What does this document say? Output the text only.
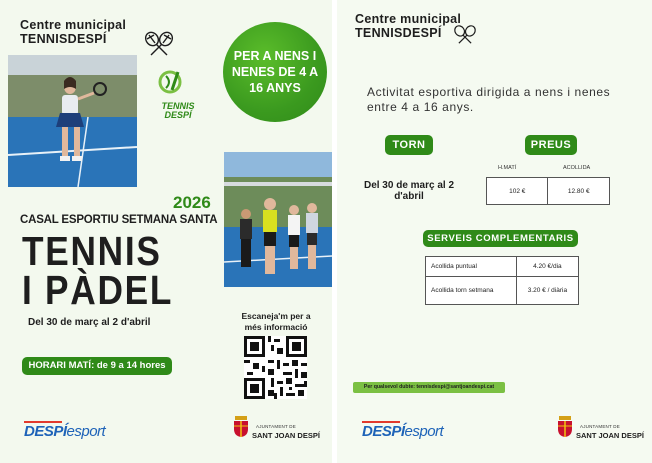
Centre municipal
TENNISDESPÍ
PER A NENS I NENES DE 4 A 16 ANYS
TENNIS DESPÍ
2026
CASAL ESPORTIU SETMANA SANTA
TENNIS
I PÀDEL
Del 30 de març al 2 d'abril
HORARI MATÍ: de 9 a 14 hores
Escaneja'm per a més informació
DESPÍesport	AJUNTAMENT DE
SANT JOAN DESPÍ
Centre municipal
TENNISDESPÍ
Activitat esportiva dirigida a nens i nenes entre 4 a 16 anys.
TORN	PREUS
Del 30 de març al 2 d'abril
H.MATÍ	ACOLLIDA
102 €	12.80 €
SERVEIS COMPLEMENTARIS
Acollida puntual	4.20 €/dia
Acollida torn setmana	3.20 € / diària
Per qualsevol dubte: tennisdespi@santjoandespi.cat
DESPÍesport	AJUNTAMENT DE
SANT JOAN DESPÍ
